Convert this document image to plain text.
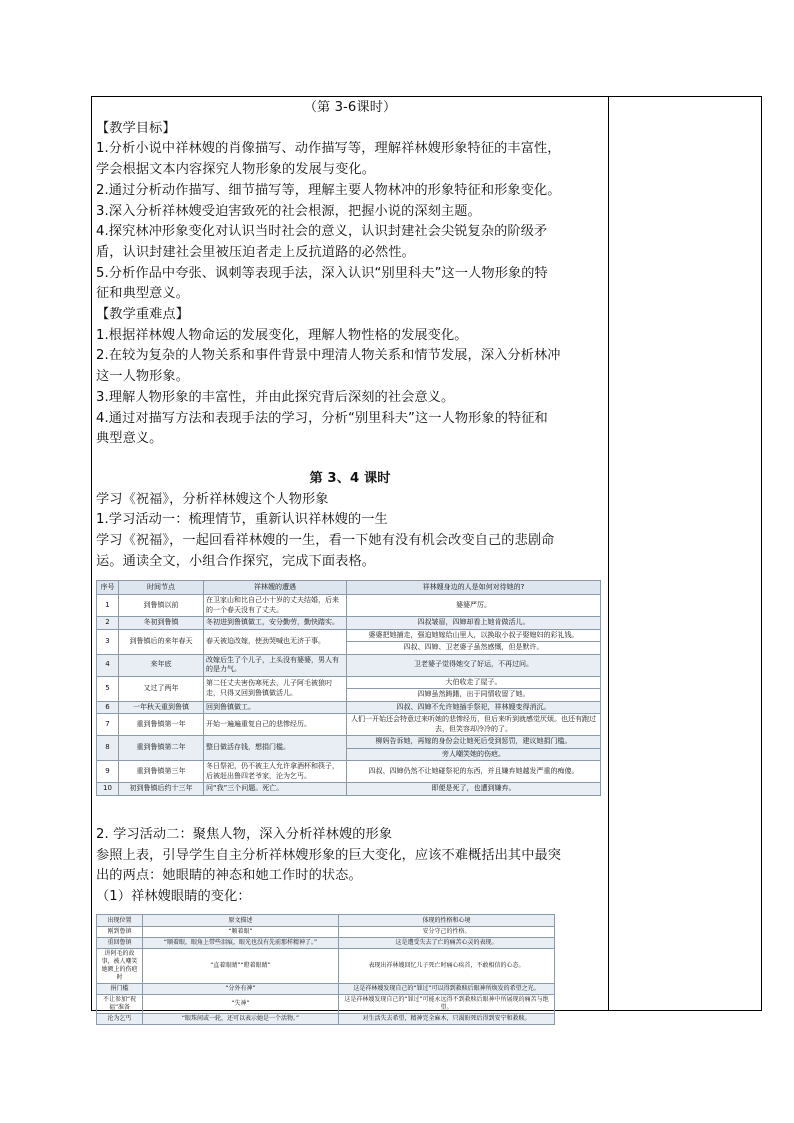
（第 3-6课时）
【教学目标】
1.分析小说中祥林嫂的肖像描写、动作描写等，理解祥林嫂形象特征的丰富性，
学会根据文本内容探究人物形象的发展与变化。
2.通过分析动作描写、细节描写等，理解主要人物林冲的形象特征和形象变化。
3.深入分析祥林嫂受迫害致死的社会根源，把握小说的深刻主题。
4.探究林冲形象变化对认识当时社会的意义，认识封建社会尖锐复杂的阶级矛
盾，认识封建社会里被压迫者走上反抗道路的必然性。
5.分析作品中夸张、讽刺等表现手法，深入认识“别里科夫”这一人物形象的特
征和典型意义。
【教学重难点】
1.根据祥林嫂人物命运的发展变化，理解人物性格的发展变化。
2.在较为复杂的人物关系和事件背景中理清人物关系和情节发展，深入分析林冲
这一人物形象。
3.理解人物形象的丰富性，并由此探究背后深刻的社会意义。
4.通过对描写方法和表现手法的学习，分析“别里科夫”这一人物形象的特征和
典型意义。
第 3、4 课时
学习《祝福》，分析祥林嫂这个人物形象
1.学习活动一：梳理情节，重新认识祥林嫂的一生
学习《祝福》，一起回看祥林嫂的一生，看一下她有没有机会改变自己的悲剧命
运。通读全文，小组合作探究，完成下面表格。
序号	时间节点	祥林嫂的遭遇	祥林嫂身边的人是如何对待她的?
1	到鲁镇以前	在卫家山和比自己小十岁的丈夫结婚，后来的一个春天没有了丈夫。	婆婆严厉。
2	冬初到鲁镇	冬初进到鲁镇做工，安分勤劳，勤快踏实。	四叔皱眉，四婶却看上她肯做活儿。
3	到鲁镇后的来年春天	春天被迫改嫁，使劲哭喊也无济于事。	婆婆把她捕走，强迫她嫁给山里人，以换取小叔子娶媳妇的彩礼钱。
			四叔、四婶、卫老婆子虽然感慨，但是默许。
4	来年底	改嫁后生了个儿子，上头没有婆婆，男人有的是力气。	卫老婆子觉得她交了好运，不再过问。
5	又过了两年	第二任丈夫害伤寒死去，儿子阿毛被狼叼走，只得又回到鲁镇做活儿。	大伯收走了屋子。
			四婶虽然踌躇，出于同情收留了她。
6	一年秋天重到鲁镇	回到鲁镇做工。	四叔、四婶不允许她插手祭祀，祥林嫂变得消沉。
7	重到鲁镇第一年	开始一遍遍重复自己的悲惨经历。	人们一开始还会特意过来听她的悲惨经历，但后来听到就感觉厌烦。也还有跑过去，但笑容却冷冷的了。
8	重到鲁镇第二年	整日做活存钱，想捐门槛。	柳妈告诉她，再嫁的身份会让她死后受到惩罚，建议她捐门槛。
			旁人嘲笑她的伤疤。
9	重到鲁镇第三年	冬日祭祀，仍不被主人允许拿酒杯和筷子，后被赶出鲁四老爷家，沦为乞丐。	四叔、四婶仍然不让她碰祭祀的东西，并且嫌弃她越发严重的痴傻。
10	初到鲁镇后约十三年	问“我”三个问题。死亡。	即便是死了，也遭到嫌弃。
2. 学习活动二：聚焦人物，深入分析祥林嫂的形象
参照上表，引导学生自主分析祥林嫂形象的巨大变化，应该不难概括出其中最突
出的两点：她眼睛的神态和她工作时的状态。
（1）祥林嫂眼睛的变化：
出现位置	原文描述	体现的性格和心境
刚到鲁镇	“顺着眼”	安分守己的性格。
重回鲁镇	“顺着眼，眼角上带些泪痕，眼光也没有先前那样精神了。”	这是遭受失去了亡的痛苦心灵的表现。
讲阿毛的故事，被人嘲笑她额上的伤疤时	“直着眼睛”“瞪着眼睛”	表现出祥林嫂回忆儿子死亡时痛心疾首，不敢相信的心态。
捐门槛	“分外有神”	这是祥林嫂发现自己的“罪过”可以得到救赎后眼神所焕发的希望之光。
不让参加“祝福”准备	“失神”	这是祥林嫂发现自己的“罪过”可能永远得不到救赎后眼神中所展现的痛苦与绝望。
沦为乞丐	“眼珠间或一轮，还可以表示她是一个活物。”	对生活失去希望，精神完全麻木，只渴盼死后得到安宁和救赎。
